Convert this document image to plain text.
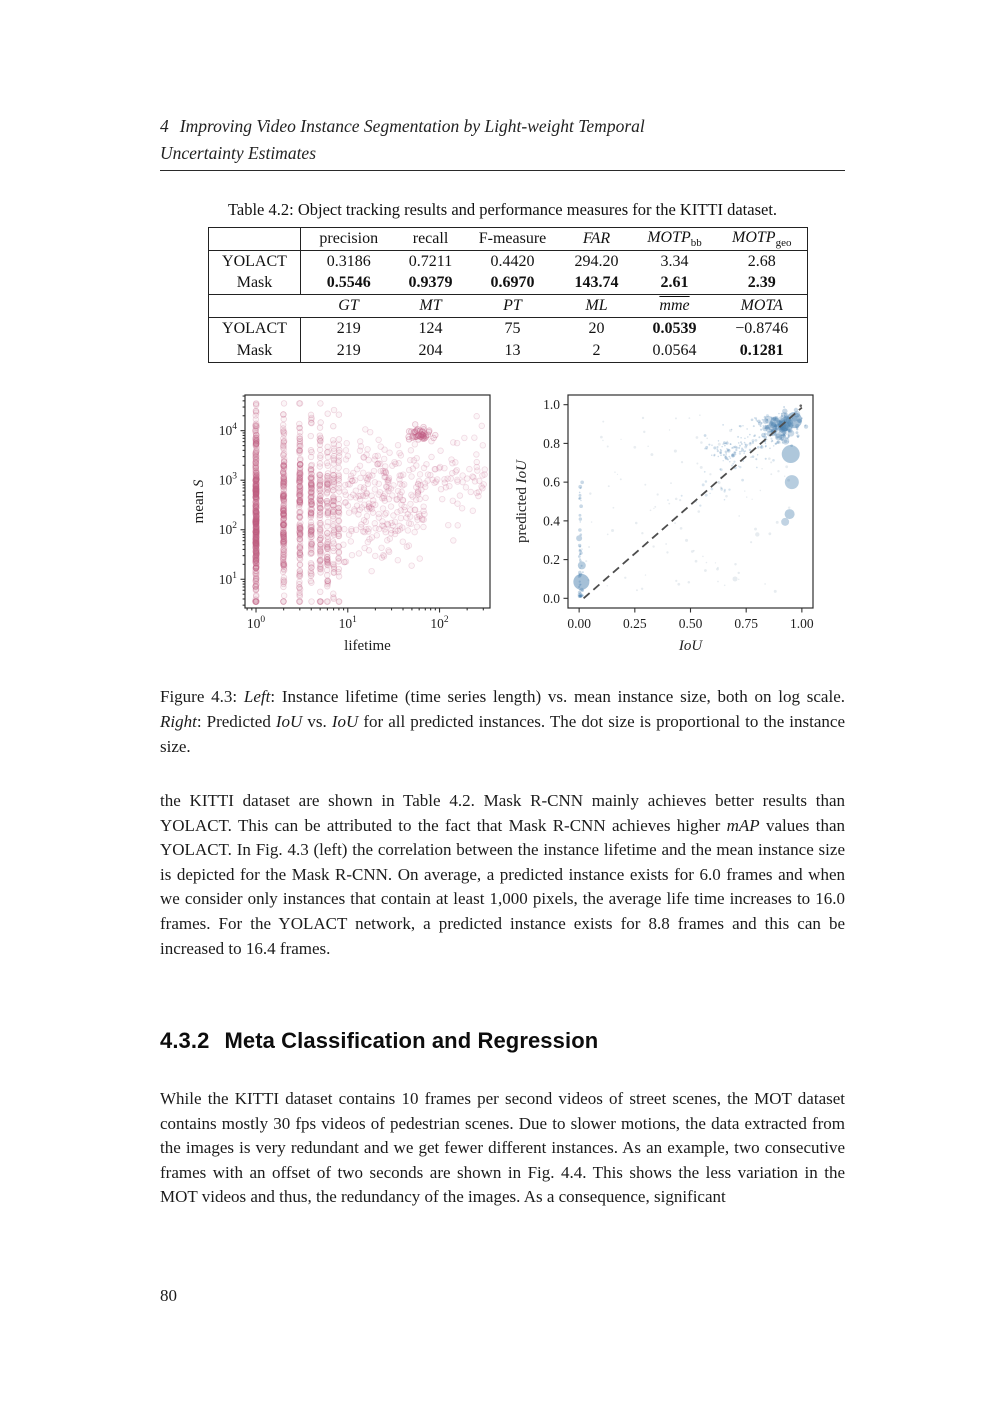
4 Improving Video Instance Segmentation by Light-weight Temporal
Uncertainty Estimates
Table 4.2: Object tracking results and performance measures for the KITTI dataset.
	precision	recall	F-measure	FAR	$MOTP_{bb}$	$MOTP_{geo}$
YOLACT	0.3186	0.7211	0.4420	294.20	3.34	2.68
Mask	0.5546	0.9379	0.6970	143.74	2.61	2.39
	GT	MT	PT	ML	$\overline{mme}$	MOTA
YOLACT	219	124	75	20	0.0539	−0.8746
Mask	219	204	13	2	0.0564	0.1281
$10^0$	$10^1$	$10^2$
$10^1$
$10^2$
$10^3$
$10^4$
lifetime
mean S
0.00 0.25 0.50 0.75 1.00
0.0
0.2
0.4
0.6
0.8
1.0
IoU
predicted IoU
Figure 4.3: Left: Instance lifetime (time series length) vs. mean instance size, both on log scale. Right: Predicted IoU vs. IoU for all predicted instances. The dot size is proportional to the instance size.
the KITTI dataset are shown in Table 4.2. Mask R-CNN mainly achieves better results than YOLACT. This can be attributed to the fact that Mask R-CNN achieves higher mAP values than YOLACT. In Fig. 4.3 (left) the correlation between the instance lifetime and the mean instance size is depicted for the Mask R-CNN. On average, a predicted instance exists for 6.0 frames and when we consider only instances that contain at least 1,000 pixels, the average life time increases to 16.0 frames. For the YOLACT network, a predicted instance exists for 8.8 frames and this can be increased to 16.4 frames.
4.3.2 Meta Classification and Regression
While the KITTI dataset contains 10 frames per second videos of street scenes, the MOT dataset contains mostly 30 fps videos of pedestrian scenes. Due to slower motions, the data extracted from the images is very redundant and we get fewer different instances. As an example, two consecutive frames with an offset of two seconds are shown in Fig. 4.4. This shows the less variation in the MOT videos and thus, the redundancy of the images. As a consequence, significant
80
